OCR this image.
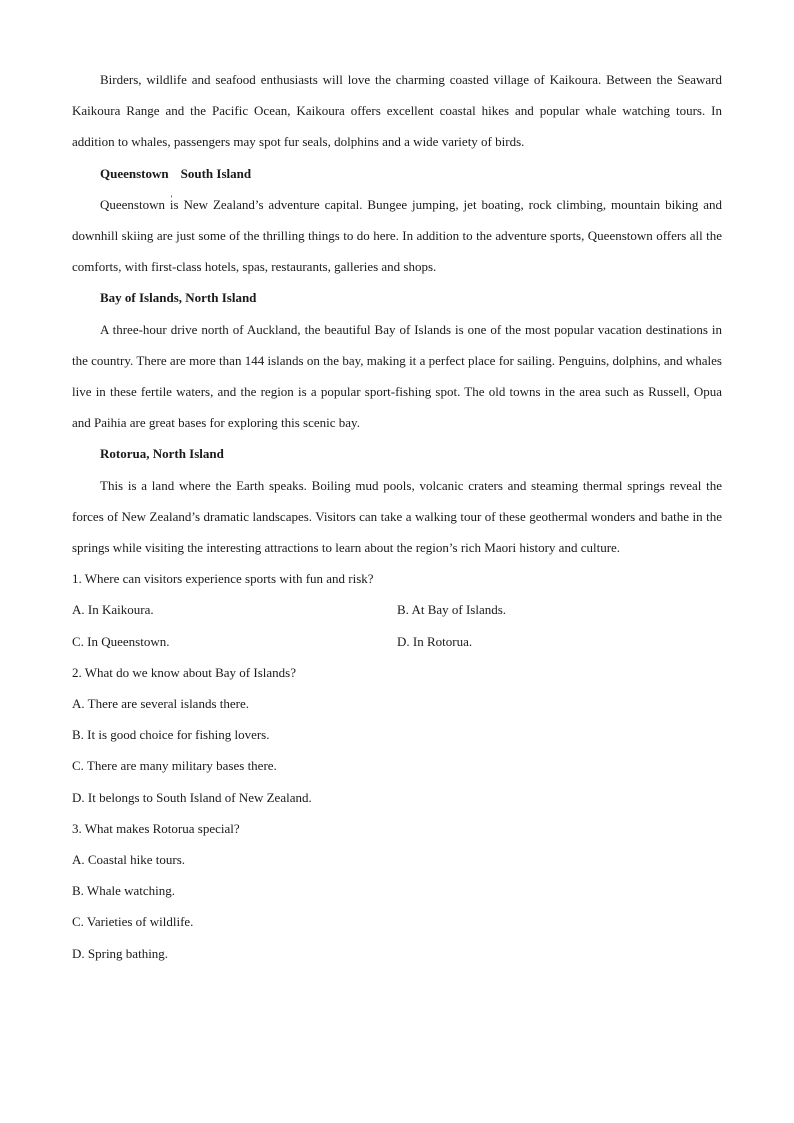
Birders, wildlife and seafood enthusiasts will love the charming coasted village of Kaikoura. Between the Seaward Kaikoura Range and the Pacific Ocean, Kaikoura offers excellent coastal hikes and popular whale watching tours. In addition to whales, passengers may spot fur seals, dolphins and a wide variety of birds.

Queenstown South Island

Queenstown is New Zealand’s adventure capital. Bungee jumping, jet boating, rock climbing, mountain biking and downhill skiing are just some of the thrilling things to do here. In addition to the adventure sports, Queenstown offers all the comforts, with first-class hotels, spas, restaurants, galleries and shops.

Bay of Islands, North Island

A three-hour drive north of Auckland, the beautiful Bay of Islands is one of the most popular vacation destinations in the country. There are more than 144 islands on the bay, making it a perfect place for sailing. Penguins, dolphins, and whales live in these fertile waters, and the region is a popular sport-fishing spot. The old towns in the area such as Russell, Opua and Paihia are great bases for exploring this scenic bay.

Rotorua, North Island

This is a land where the Earth speaks. Boiling mud pools, volcanic craters and steaming thermal springs reveal the forces of New Zealand’s dramatic landscapes. Visitors can take a walking tour of these geothermal wonders and bathe in the springs while visiting the interesting attractions to learn about the region’s rich Maori history and culture.

1. Where can visitors experience sports with fun and risk?

A. In Kaikoura.	B. At Bay of Islands.

C. In Queenstown.	D. In Rotorua.

2. What do we know about Bay of Islands?

A. There are several islands there.

B. It is good choice for fishing lovers.

C. There are many military bases there.

D. It belongs to South Island of New Zealand.

3. What makes Rotorua special?

A. Coastal hike tours.

B. Whale watching.

C. Varieties of wildlife.

D. Spring bathing.
